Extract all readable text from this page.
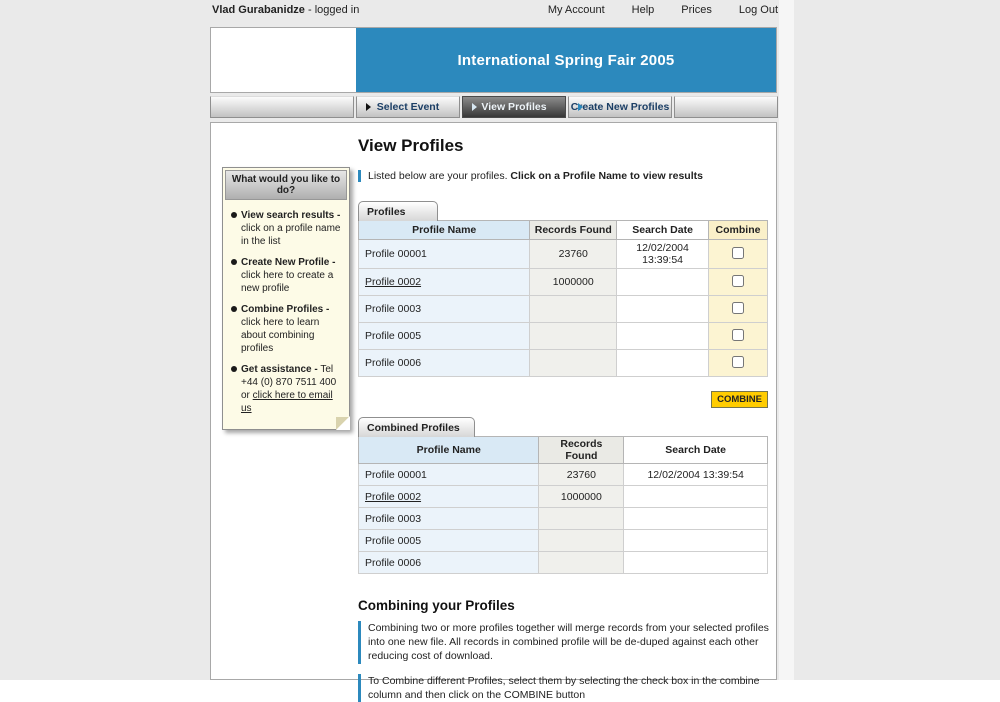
Vlad Gurabanidze - logged in	My Account Help Prices Log Out
International Spring Fair 2005
Select Event	View Profiles Create New Profiles
What would you like to do?
View search results - click on a profile name in the list
Create New Profile - click here to create a new profile
Combine Profiles - click here to learn about combining profiles
Get assistance - Tel +44 (0) 870 7511 400 or click here to email us
View Profiles
Listed below are your profiles. Click on a Profile Name to view results
Profiles
Profile Name	Records Found	Search Date	Combine
Profile 00001	23760	12/02/2004 13:39:54	
Profile 0002	1000000		
Profile 0003			
Profile 0005			
Profile 0006			
COMBINE
Combined Profiles
Profile Name	Records Found	Search Date
Profile 00001	23760	12/02/2004 13:39:54
Profile 0002	1000000	
Profile 0003		
Profile 0005		
Profile 0006		
Combining your Profiles
Combining two or more profiles together will merge records from your selected profiles into one new file. All records in combined profile will be de-duped against each other reducing cost of download.
To Combine different Profiles, select them by selecting the check box in the combine column and then click on the COMBINE button
